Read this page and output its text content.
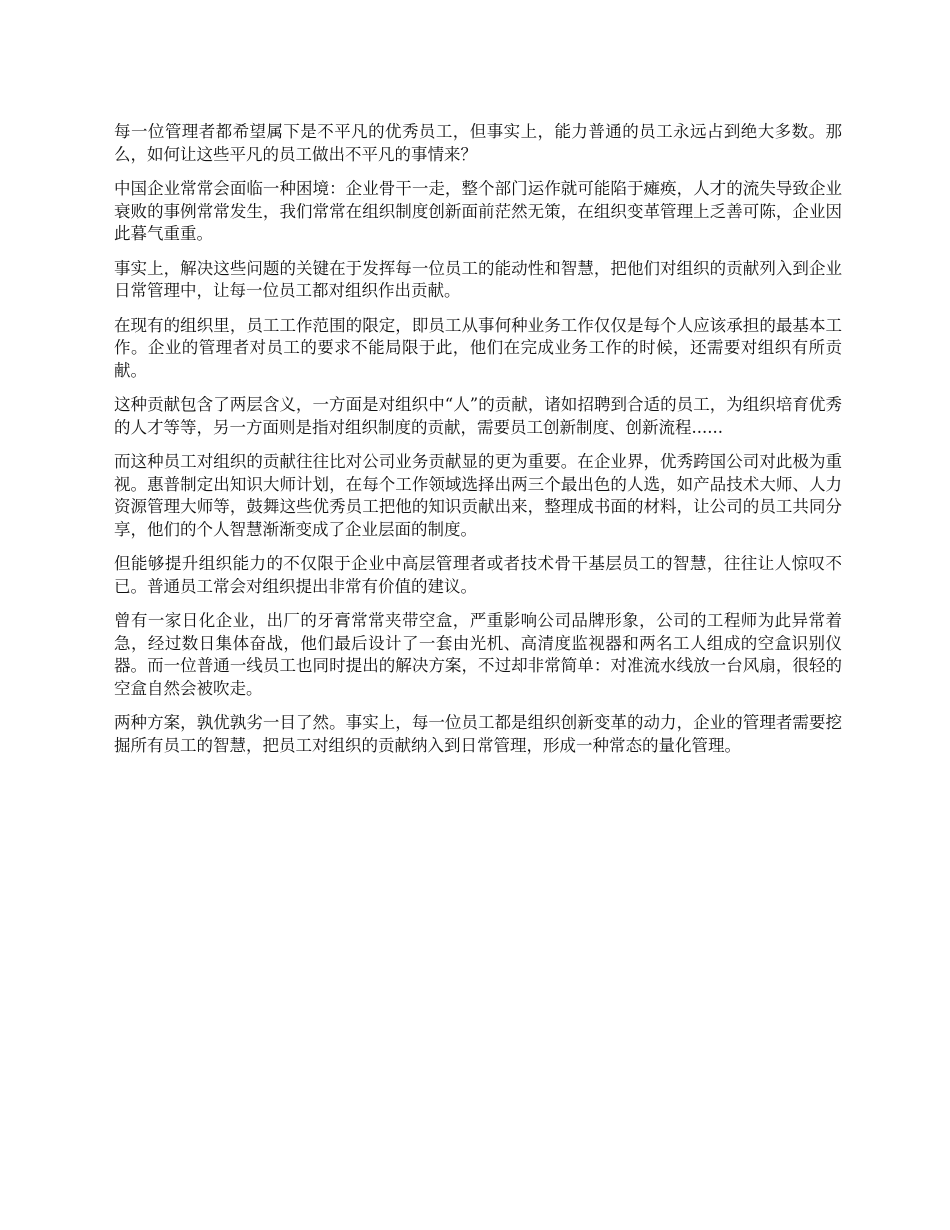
每一位管理者都希望属下是不平凡的优秀员工，但事实上，能力普通的员工永远占到绝大多数。那么，如何让这些平凡的员工做出不平凡的事情来？

中国企业常常会面临一种困境：企业骨干一走，整个部门运作就可能陷于瘫痪，人才的流失导致企业衰败的事例常常发生，我们常常在组织制度创新面前茫然无策，在组织变革管理上乏善可陈，企业因此暮气重重。

事实上，解决这些问题的关键在于发挥每一位员工的能动性和智慧，把他们对组织的贡献列入到企业日常管理中，让每一位员工都对组织作出贡献。

在现有的组织里，员工工作范围的限定，即员工从事何种业务工作仅仅是每个人应该承担的最基本工作。企业的管理者对员工的要求不能局限于此，他们在完成业务工作的时候，还需要对组织有所贡献。

这种贡献包含了两层含义，一方面是对组织中“人”的贡献，诸如招聘到合适的员工，为组织培育优秀的人才等等，另一方面则是指对组织制度的贡献，需要员工创新制度、创新流程......

而这种员工对组织的贡献往往比对公司业务贡献显的更为重要。在企业界，优秀跨国公司对此极为重视。惠普制定出知识大师计划，在每个工作领域选择出两三个最出色的人选，如产品技术大师、人力资源管理大师等，鼓舞这些优秀员工把他的知识贡献出来，整理成书面的材料，让公司的员工共同分享，他们的个人智慧渐渐变成了企业层面的制度。

但能够提升组织能力的不仅限于企业中高层管理者或者技术骨干基层员工的智慧，往往让人惊叹不已。普通员工常会对组织提出非常有价值的建议。

曾有一家日化企业，出厂的牙膏常常夹带空盒，严重影响公司品牌形象，公司的工程师为此异常着急，经过数日集体奋战，他们最后设计了一套由光机、高清度监视器和两名工人组成的空盒识别仪器。而一位普通一线员工也同时提出的解决方案，不过却非常简单：对准流水线放一台风扇，很轻的空盒自然会被吹走。

两种方案，孰优孰劣一目了然。事实上，每一位员工都是组织创新变革的动力，企业的管理者需要挖掘所有员工的智慧，把员工对组织的贡献纳入到日常管理，形成一种常态的量化管理。
